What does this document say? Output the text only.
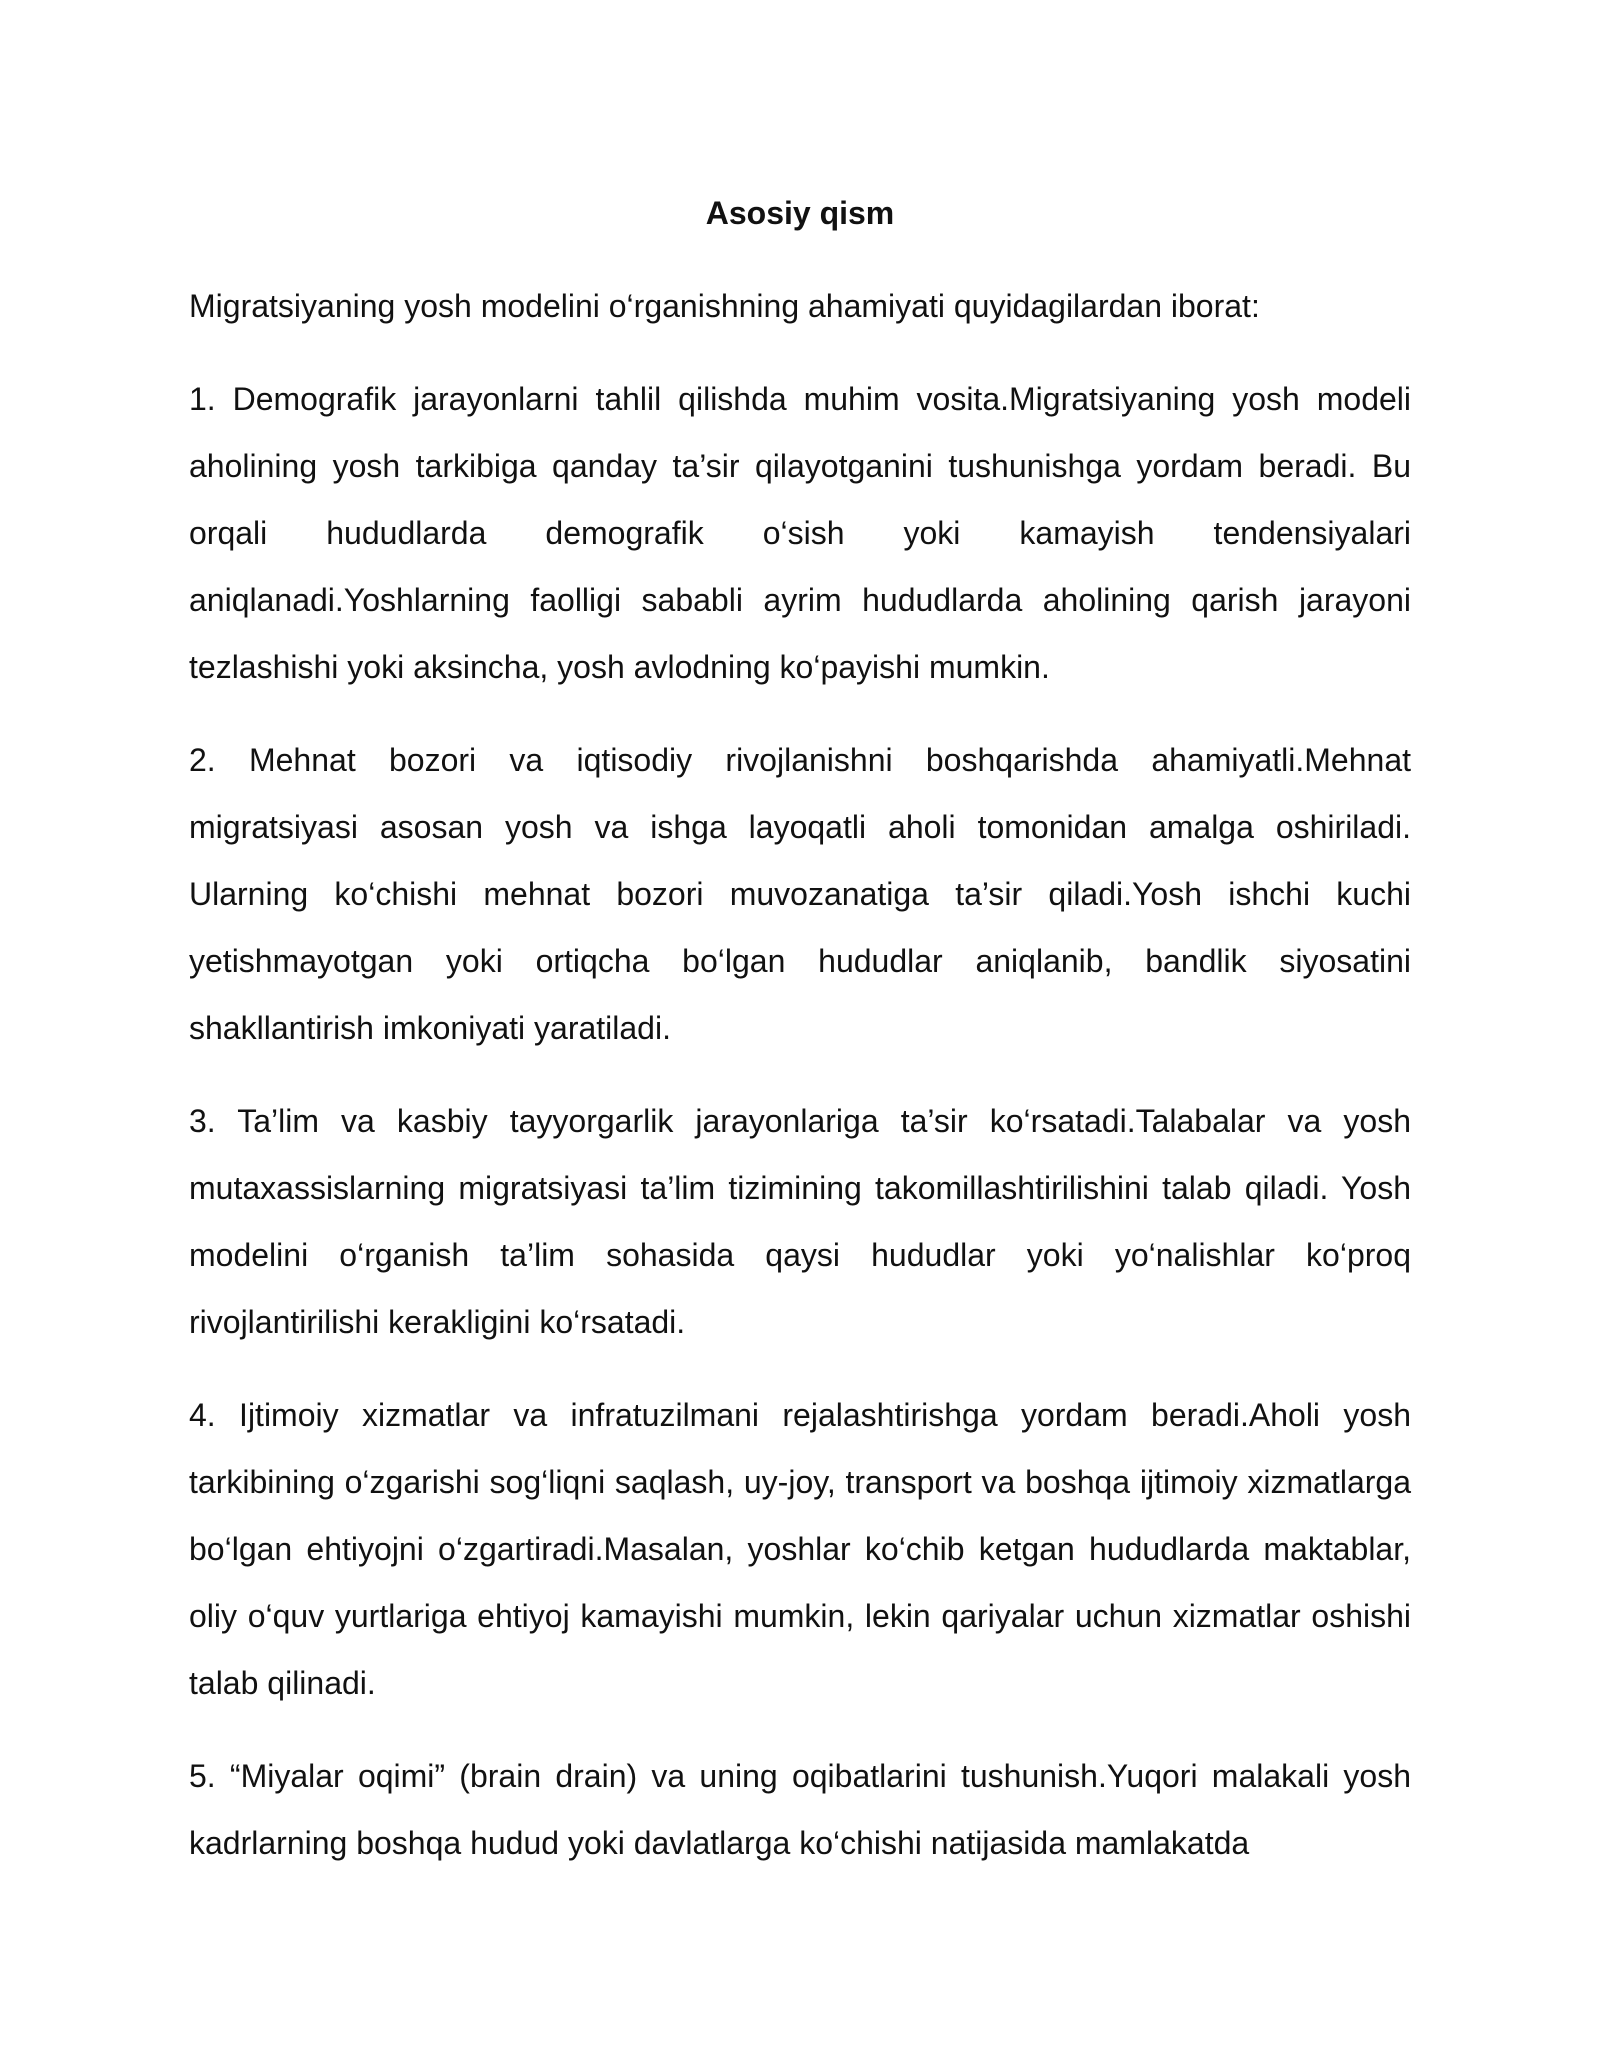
Asosiy qism
Migratsiyaning yosh modelini o‘rganishning ahamiyati quyidagilardan iborat:
1. Demografik jarayonlarni tahlil qilishda muhim vosita.Migratsiyaning yosh modeli aholining yosh tarkibiga qanday ta’sir qilayotganini tushunishga yordam beradi. Bu orqali hududlarda demografik o‘sish yoki kamayish tendensiyalari aniqlanadi.Yoshlarning faolligi sababli ayrim hududlarda aholining qarish jarayoni tezlashishi yoki aksincha, yosh avlodning ko‘payishi mumkin.
2. Mehnat bozori va iqtisodiy rivojlanishni boshqarishda ahamiyatli.Mehnat migratsiyasi asosan yosh va ishga layoqatli aholi tomonidan amalga oshiriladi. Ularning ko‘chishi mehnat bozori muvozanatiga ta’sir qiladi.Yosh ishchi kuchi yetishmayotgan yoki ortiqcha bo‘lgan hududlar aniqlanib, bandlik siyosatini shakllantirish imkoniyati yaratiladi.
3. Ta’lim va kasbiy tayyorgarlik jarayonlariga ta’sir ko‘rsatadi.Talabalar va yosh mutaxassislarning migratsiyasi ta’lim tizimining takomillashtirilishini talab qiladi. Yosh modelini o‘rganish ta’lim sohasida qaysi hududlar yoki yo‘nalishlar ko‘proq rivojlantirilishi kerakligini ko‘rsatadi.
4. Ijtimoiy xizmatlar va infratuzilmani rejalashtirishga yordam beradi.Aholi yosh tarkibining o‘zgarishi sog‘liqni saqlash, uy-joy, transport va boshqa ijtimoiy xizmatlarga bo‘lgan ehtiyojni o‘zgartiradi.Masalan, yoshlar ko‘chib ketgan hududlarda maktablar, oliy o‘quv yurtlariga ehtiyoj kamayishi mumkin, lekin qariyalar uchun xizmatlar oshishi talab qilinadi.
5. “Miyalar oqimi” (brain drain) va uning oqibatlarini tushunish.Yuqori malakali yosh kadrlarning boshqa hudud yoki davlatlarga ko‘chishi natijasida mamlakatda
